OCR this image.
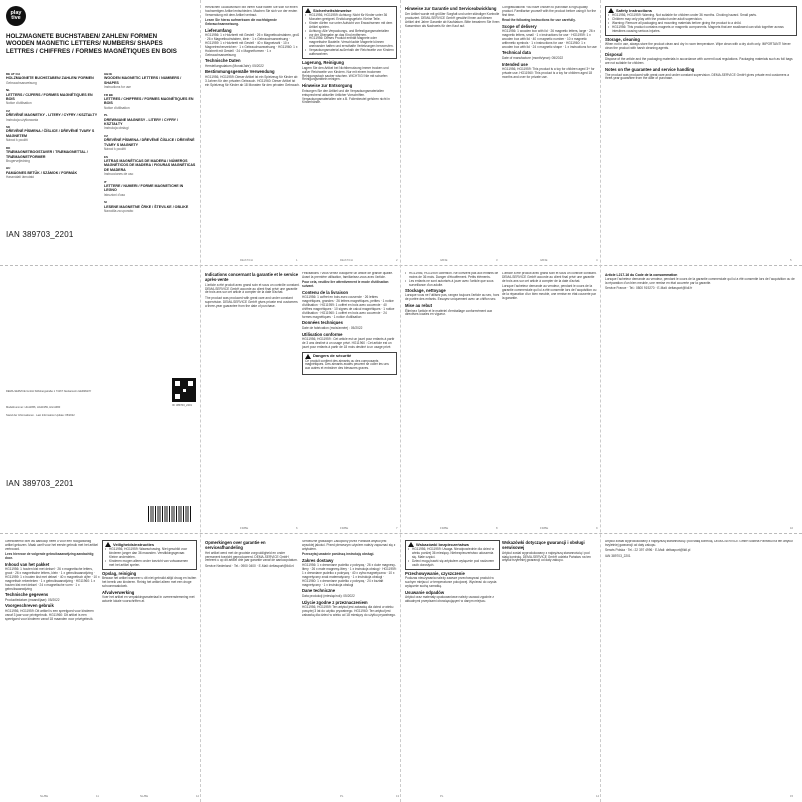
play tive

HOLZMAGNETE BUCHSTABEN/ ZAHLEN/ FORMEN
WOODEN MAGNETIC LETTERS/ NUMBERS/ SHAPES
LETTRES / CHIFFRES / FORMES MAGNÉTIQUES EN BOIS

DE AT CH
HOLZMAGNETE BUCHSTABEN/ ZAHLEN/ FORMEN
Gebrauchsanweisung
NL
LETTERS / CIJFERS / FORMES MAGNÉTIQUES EN BOIS
Notice d'utilisation
CZ
DŘEVĚNÉ MAGNETKY - LITERY / CYFRY / KSZTAŁTY
Instrukcja użytkowania
SK
DŘEVĚNÉ PÍSMENA / ČÍSLICE / DŘEVĚNÉ TVARY S MAGNETEM
Návod k použití
DK
TRÆMAGNETBOGSTAVER / TRÆMAGNETTAL / TRÆMAGNETFORMER
Brugervejledning
HU
FAMÁGNES BETŰK / SZÁMOK / FORMÁK
Használati útmutató
GB IE
WOODEN MAGNETIC LETTERS / NUMBERS / SHAPES
Instructions for use
FR BE
LETTRES / CHIFFRES / FORMES MAGNÉTIQUES EN BOIS
Notice d'utilisation
PL
DREWNIANE MAGNESY - LITERY / CYFRY / KSZTAŁTY
Instrukcja obsługi
CZ
DŘEVĚNÉ PÍSMENA / DŘEVĚNÉ ČÍSLICE / DŘEVĚNÉ TVARY S MAGNETY
Návod k použití
ES
LETRAS MAGNÉTICAS DE MADERA / NÚMEROS MAGNÉTICOS DE MADERA / FIGURAS MAGNÉTICAS DE MADERA
Instrucciones de uso
IT
LETTERE / NUMERI / FORME MAGNETICHE IN LEGNO
Istruzioni d'uso
SI
LESENE MAGNETNE ČRKE / ŠTEVILKE / OBLIKE
Navodila za uporabo
IAN 389703_2201

Herzlichen Glückwunsch! Mit Ihrem Kauf haben Sie sich für einen hochwertigen Artikel entschieden. Machen Sie sich vor der ersten Verwendung mit dem Artikel vertraut.

Lesen Sie hierzu aufmerksam die nachfolgende Gebrauchsanweisung.

Lieferumfang

HG11956: 1 x Holzbrett mit Gestell · 26 x Magnetbuchstaben, groß · 26 x Magnetbuchstaben, klein · 1 x Gebrauchsanweisung · HG11959: 1 x Holzbrett mit Gestell · 40 x Magnetzahl · 10 x Magnetrechenzeichen · 1 x Gebrauchsanweisung · HG11960: 1 x Holzbrett mit Gestell · 24 x Magnetformen · 1 x Gebrauchsanweisung

Technische Daten

Herstellungsdatum (Monat/Jahr): 05/2022

Bestimmungsgemäße Verwendung

HG11956, HG11959: Dieser Artikel ist ein Spielzeug für Kinder ab 3 Jahren für den privaten Gebrauch. HG11960: Dieser Artikel ist ein Spielzeug für Kinder ab 18 Monaten für den privaten Gebrauch.

Sicherheitshinweise

• HG11956, HG11959: Achtung: Nicht für Kinder unter 36 Monaten geeignet. Erstickungsgefahr. Kleine Teile.

• Kinder dürfen nur unter Aufsicht von Erwachsenen mit dem Artikel spielen.

• Achtung: Alle Verpackungs- und Befestigungsmaterialien vor der Übergabe an das Kind entfernen.

• HG11956: Dieses Produkt enthält Magnete oder magnetische Bauteile. Verschluckte Magnete können aneinander haften und ernsthafte Verletzungen hervorrufen.

• Verpackungsmaterial außerhalb der Reichweite von Kindern aufbewahren.

Lagerung, Reinigung

Lagern Sie den Artikel bei Nichtbenutzung immer trocken und außer Reichweite von Kindern. Nur mit einem trockenen Reinigungstuch sauber wischen. WICHTIG! Nie mit scharfen Reinigungsmitteln reinigen.

Hinweise zur Entsorgung

Entsorgen Sie den Artikel und die Verpackungsmaterialien entsprechend aktueller örtlicher Vorschriften. Verpackungsmaterialien wie z.B. Folienbeutel gehören nicht in Kinderhände.

Hinweise zur Garantie und Serviceabwicklung

Der Artikel wurde mit größter Sorgfalt und unter ständiger Kontrolle produziert. DEMA-SERVICE GmbH gewährt Ihnen auf diesen Artikel drei Jahre Garantie ab Kaufdatum. Bitte bewahren Sie Ihren Kassenbon als Nachweis für den Kauf auf.

Congratulations! You have chosen to purchase a high-quality product. Familiarise yourself with the product before using it for the first time.

Read the following instructions for use carefully.

Scope of delivery

HG11956: 1 wooden box with lid · 26 magnetic letters, large · 26 x magnetic letters, small · 1 x instructions for use · HG11959: 1 x wooden box with lid · 40 x magnetic number · 10 x magnetic arithmetic symbols · 1 x instructions for use · HG11960: 1 x wooden box with lid · 24 x magnetic shape · 1 x instructions for use

Technical data

Date of manufacture (month/year): 05/2022

Intended use

HG11956, HG11959: This product is a toy for children aged 3+ for private use. HG11960: This product is a toy for children aged 18 months and over for private use.

Safety instructions

• HG11956, HG11959: Warning. Not suitable for children under 36 months. Choking hazard. Small parts.

• Children may only play with the product under adult supervision.

• Warning: Remove all packaging and mounting materials before giving the product to a child.

• HG11956: This product contains magnets or magnetic components. Magnets that are swallowed can stick together across intestines causing serious injuries.

Storage, cleaning

When not in use, always store the product clean and dry in room temperature. Wipe clean with a dry cloth only. IMPORTANT! Never clean the product with harsh cleaning agents.

Disposal

Dispose of the article and the packaging materials in accordance with current local regulations. Packaging materials such as foil bags are not suitable for children.

Notes on the guarantee and service handling

The product was produced with great care and under constant supervision. DEMA-SERVICE GmbH gives private end customers a three-year guarantee from the date of purchase.

DE/AT/CH	DE/AT/CH	GB/IE	GB/IE
DEMA-SERVICE GmbH Stiftsbergstraße 1 74167 Neckarsulm GERMANY
Modellnummer: HG11956, HG11959, HG11960
Stand der Informationen · Last Information Update: 05/2022
ID: 389703_2201
IAN 389703_2201
Indications concernant la garantie et le service après-vente

L'article a été produit avec grand soin et sous un contrôle constant. DEMA-SERVICE GmbH accorde au client final privé une garantie de trois ans sur cet article à compter de la date d'achat.

The product was produced with great care and under constant supervision. DEMA-SERVICE GmbH gives private end customers a three-year guarantee from the date of purchase.

Félicitations ! Vous venez d'acquérir un article de grande qualité. Avant la première utilisation, familiarisez-vous avec l'article.

Pour cela, veuillez lire attentivement le mode d'utilisation suivant.

Contenu de la livraison

HG11956: 1 coffret en bois avec couvercle · 26 lettres magnétiques, grandes · 26 lettres magnétiques, petites · 1 notice d'utilisation · HG11959: 1 coffret en bois avec couvercle · 40 chiffres magnétiques · 10 signes de calcul magnétiques · 1 notice d'utilisation · HG11960: 1 coffret en bois avec couvercle · 24 formes magnétiques · 1 notice d'utilisation

Données techniques

Date de fabrication (mois/année) : 05/2022

Utilisation conforme

HG11956, HG11959 : Cet article est un jouet pour enfants à partir de 3 ans destiné à un usage privé. HG11960 : Cet article est un jouet pour enfants à partir de 18 mois destiné à un usage privé.

Dangers de sécurité

Ce produit contient des aimants ou des composants magnétiques. Des aimants avalés peuvent se coller les uns aux autres et entraîner des blessures graves.

• HG11956, HG11959: Attention. Ne convient pas aux enfants de moins de 36 mois. Danger d'étouffement. Petits éléments.

• Les enfants ne sont autorisés à jouer avec l'article que sous surveillance d'un adulte.

Stockage, nettoyage

Lorsque vous ne l'utilisez pas, rangez toujours l'article au sec, hors de portée des enfants. Essuyez uniquement avec un chiffon sec.

Mise au rebut

Éliminez l'article et le matériel d'emballage conformément aux directives locales en vigueur.

L'article a été produit avec grand soin et sous un contrôle constant. DEMA-SERVICE GmbH accorde au client final privé une garantie de trois ans sur cet article à compter de la date d'achat.

Lorsque l'acheteur demande au vendeur, pendant le cours de la garantie commerciale qui lui a été consentie lors de l'acquisition ou de la réparation d'un bien meuble, une remise en état couverte par la garantie.

Article L217-16 du Code de la consommation

Lorsque l'acheteur demande au vendeur, pendant le cours de la garantie commerciale qui lui a été consentie lors de l'acquisition ou de la réparation d'un bien meuble, une remise en état couverte par la garantie.

Service France · Tel.: 0800 919270 · E-Mail: deltasport@lidl.fr

FR/BE	FR/BE	FR/BE	FR/BE

Gefeliciteerd! Met uw aankoop heeft u voor een hoogwaardig artikel gekozen. Maak uzelf voor het eerste gebruik met het artikel vertrouwd.

Lees hiervoor de volgende gebruiksaanwijzing aandachtig door.

Inhoud van het pakket

HG11956: 1 houten kist met deksel · 26 x magnetische letters, groot · 26 x magnetische letters, klein · 1 x gebruiksaanwijzing · HG11959: 1 x houten kist met deksel · 40 x magnetisch cijfer · 10 x magnetisch rekenteken · 1 x gebruiksaanwijzing · HG11960: 1 x houten kist met deksel · 24 x magnetische vorm · 1 x gebruiksaanwijzing

Technische gegevens

Productiedatum (maand/jaar): 05/2022

Voorgeschreven gebruik

HG11956, HG11959: Dit artikel is een speelgoed voor kinderen vanaf 3 jaar voor privégebruik. HG11960: Dit artikel is een speelgoed voor kinderen vanaf 18 maanden voor privégebruik.

Veiligheidsinstructies

• HG11956, HG11959: Waarschuwing. Niet geschikt voor kinderen jonger dan 36 maanden. Verstikkingsgevaar. Kleine onderdelen.

• Kinderen mogen alleen onder toezicht van volwassenen met het artikel spelen.

Opslag, reiniging

Bewaar het artikel wanneer u dit niet gebruikt altijd droog en buiten het bereik van kinderen. Reinig het artikel alleen met een droge schoonmaakdoek.

Afvalverwerking

Voer het artikel en verpakkingsmateriaal in overeenstemming met actuele lokale voorschriften af.

Opmerkingen over garantie en serviceafhandeling

Het artikel werd met de grootste zorgvuldigheid en onder permanent toezicht geproduceerd. DEMA-SERVICE GmbH verleent u op dit artikel drie jaar garantie vanaf de aankoopdatum.

Service Nederland · Tel.: 0900 0400 · E-Mail: deltasport@lidl.nl

Serdeczne gratulacje! Zakupiony przez Państwa artykuł jest wysokiej jakości. Przed pierwszym użyciem należy zapoznać się z artykułem.

Przeczytaj uważnie poniższą instrukcję obsługi.

Zakres dostawy

HG11956: 1 x drewniane pudełko z pokrywą · 26 x duże magnesy-litery · 26 x małe magnesy-litery · 1 x instrukcja obsługi · HG11959: 1 x drewniane pudełko z pokrywą · 40 x cyfra magnetyczna · 10 x magnetyczny znak matematyczny · 1 x instrukcja obsługi · HG11960: 1 x drewniane pudełko z pokrywą · 24 x kształt magnetyczny · 1 x instrukcja obsługi

Dane techniczne

Data produkcji (miesiąc/rok): 05/2022

Użycie zgodne z przeznaczeniem

HG11956, HG11959: Ten artykuł jest zabawką dla dzieci w wieku powyżej 3 lat do użytku prywatnego. HG11960: Ten artykuł jest zabawką dla dzieci w wieku od 18 miesięcy do użytku prywatnego.

Wskazówki bezpieczeństwa

• HG11956, HG11959: Uwaga. Nieodpowiednie dla dzieci w wieku poniżej 36 miesięcy. Niebezpieczeństwo uduszenia się. Małe części.

• Dzieci mogą bawić się artykułem wyłącznie pod nadzorem osób dorosłych.

Przechowywanie, czyszczenie

Podczas nieużywania należy zawsze przechowywać produkt w suchym miejscu i w temperaturze pokojowej. Wycierać do czysta wyłącznie suchą szmatką.

Usuwanie odpadów

Artykuł oraz materiały opakowaniowe należy usuwać zgodnie z aktualnymi przepisami obowiązującymi w danym miejscu.

Wskazówki dotyczące gwarancji i obsługi serwisowej

Artykuł został wyprodukowany z najwyższą starannością i pod stałą kontrolą. DEMA-SERVICE GmbH udziela Państwu na ten artykuł trzyletniej gwarancji od daty zakupu.

Artykuł został wyprodukowany z najwyższą starannością i pod stałą kontrolą. DEMA-SERVICE GmbH udziela Państwu na ten artykuł trzyletniej gwarancji od daty zakupu.

Serwis Polska · Tel.: 22 397 4996 · E-Mail: deltasport@lidl.pl

IAN 389703_2201

NL/BE	NL/BE	PL	PL
1	2	3	4	5
6	7	8	9	10
11	12	13	14	15
